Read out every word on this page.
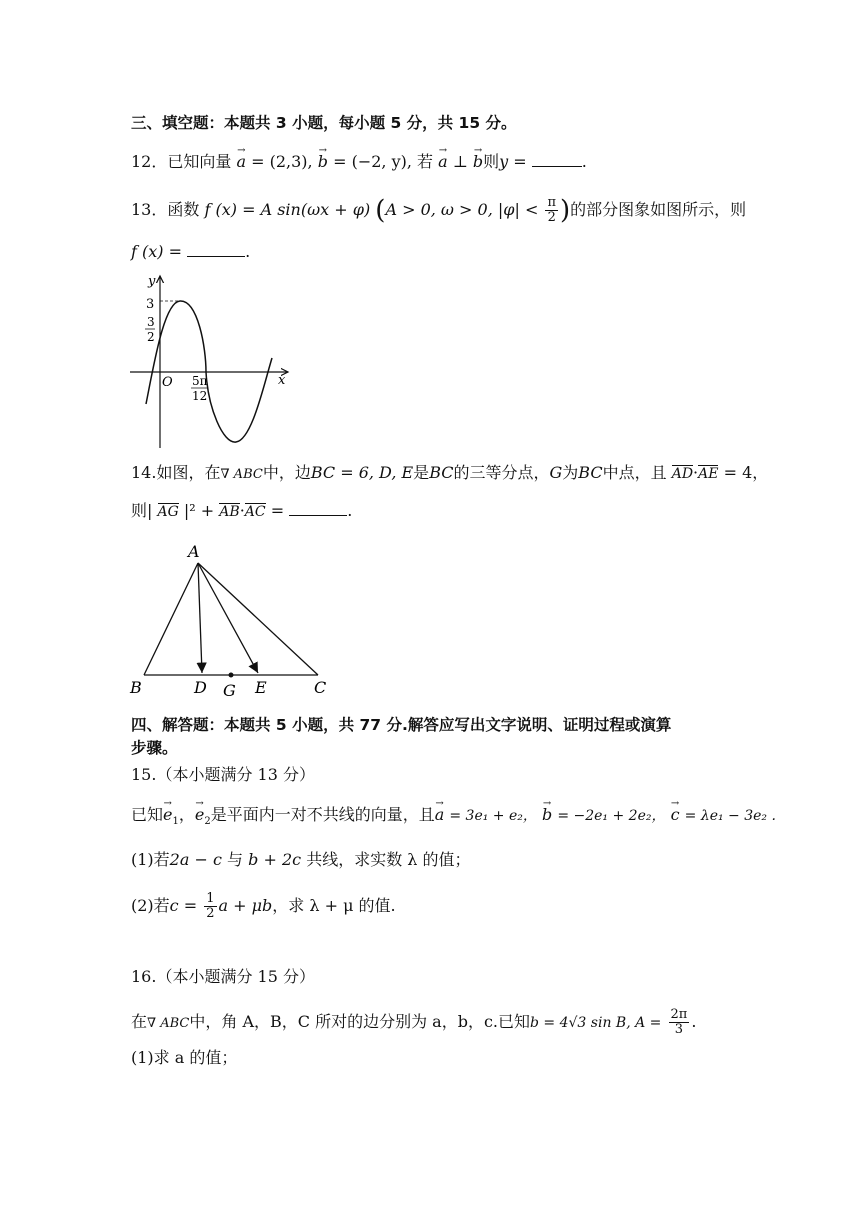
三、填空题：本题共 3 小题，每小题 5 分，共 15 分。
12．已知向量 → a = (2,3), → b = (−2, y), 若 → a ⊥ → b则y =	.
13．函数 f (x) = A sin(ωx + φ) (A > 0, ω > 0, $|\varphi| < \frac{\pi}{2}$ )的部分图象如图所示，则
f (x) =	.
y
x
3
3
2
O 5π
12
14.如图，在∇ ABC中，边BC = 6, D, E是BC的三等分点，G为BC中点，且 AD·AE = 4，
则| AG |² + AB·AC =	.
A
B	D G E	C
四、解答题：本题共 5 小题，共 77 分.解答应写出文字说明、证明过程或演算
步骤。
15.（本小题满分 13 分）
已知→ $e_1$，→ $e_2$是平面内一对不共线的向量，且→ a = 3e₁ + e₂， → b = −2e₁ + 2e₂， → c = λe₁ − 3e₂ .
(1)若2a − c 与 b + 2c 共线，求实数 λ 的值；
(2)若$c = \frac{1}{2}$ a + μb，求 λ + μ 的值.
16.（本小题满分 15 分）
在∇ ABC中，角 A，B，C 所对的边分别为 a，b，c.已知b = 4√3 sin B, $A = \frac{2\pi}{3}$ .
(1)求 a 的值；
